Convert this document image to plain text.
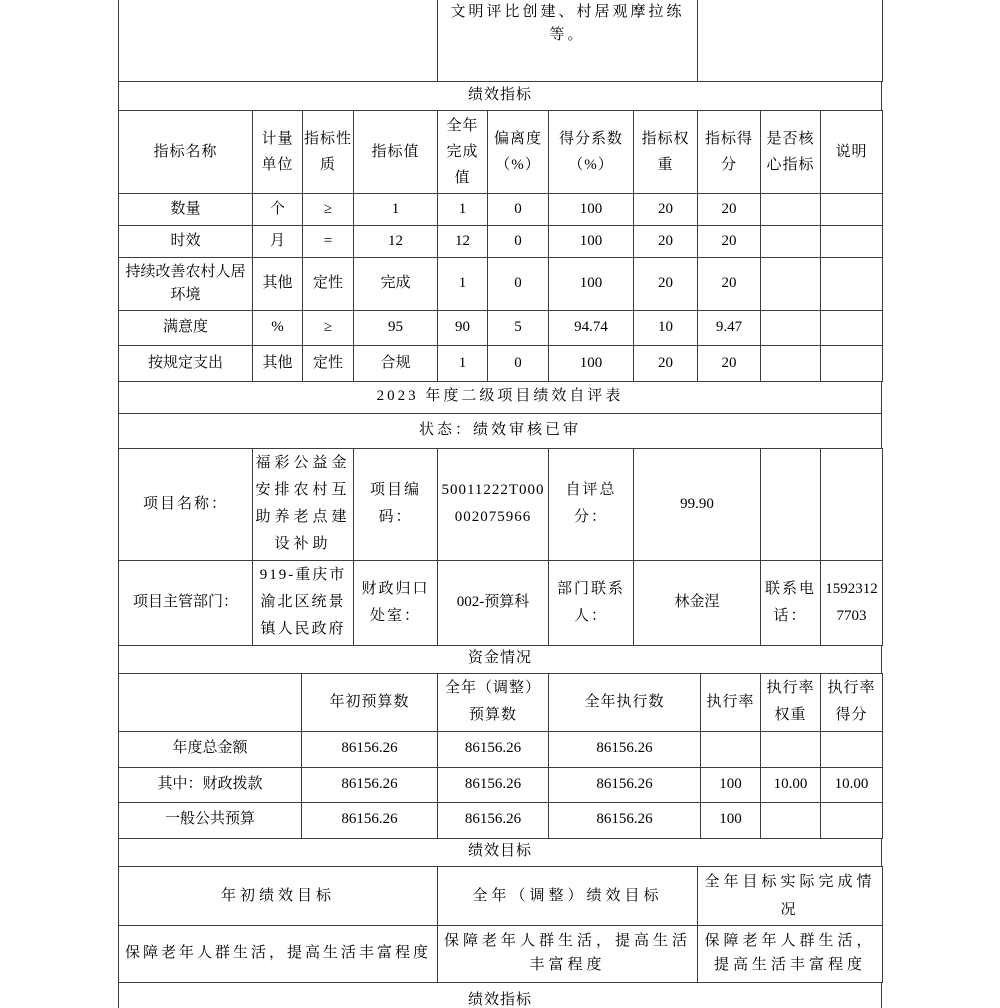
	文明评比创建、村居观摩拉练等。	
绩效指标
指标名称	计量单位	指标性质	指标值	全年完成值	偏离度（%）	得分系数（%）	指标权重	指标得分	是否核心指标	说明
数量	个	≥	1	1	0	100	20	20		
时效	月	=	12	12	0	100	20	20		
持续改善农村人居环境	其他	定性	完成	1	0	100	20	20		
满意度	%	≥	95	90	5	94.74	10	9.47		
按规定支出	其他	定性	合规	1	0	100	20	20		
2023 年度二级项目绩效自评表
状态：绩效审核已审
项目名称：	福彩公益金安排农村互助养老点建设补助	项目编码：	50011222T000002075966	自评总分：	99.90		
项目主管部门：	919-重庆市渝北区统景镇人民政府	财政归口处室：	002-预算科	部门联系人：	林金涅	联系电话：	15923127703
资金情况
	年初预算数	全年（调整）预算数	全年执行数	执行率	执行率权重	执行率得分
年度总金额	86156.26	86156.26	86156.26			
其中：财政拨款	86156.26	86156.26	86156.26	100	10.00	10.00
一般公共预算	86156.26	86156.26	86156.26	100		
绩效目标
年初绩效目标	全年（调整）绩效目标	全年目标实际完成情况
保障老年人群生活，提高生活丰富程度	保障老年人群生活，提高生活丰富程度	保障老年人群生活，提高生活丰富程度
绩效指标
